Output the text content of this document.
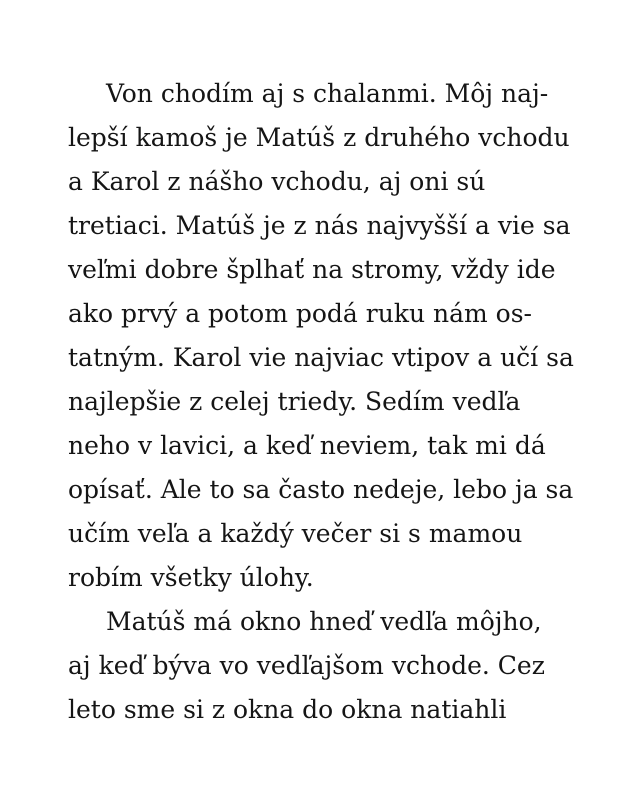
Von chodím aj s chalanmi. Môj naj-
lepší kamoš je Matúš z druhého vchodu
a Karol z nášho vchodu, aj oni sú
tretiaci. Matúš je z nás najvyšší a vie sa
veľmi dobre šplhať na stromy, vždy ide
ako prvý a potom podá ruku nám os-
tatným. Karol vie najviac vtipov a učí sa
najlepšie z celej triedy. Sedím vedľa
neho v lavici, a keď neviem, tak mi dá
opísať. Ale to sa často nedeje, lebo ja sa
učím veľa a každý večer si s mamou
robím všetky úlohy.
Matúš má okno hneď vedľa môjho,
aj keď býva vo vedľajšom vchode. Cez
leto sme si z okna do okna natiahli
